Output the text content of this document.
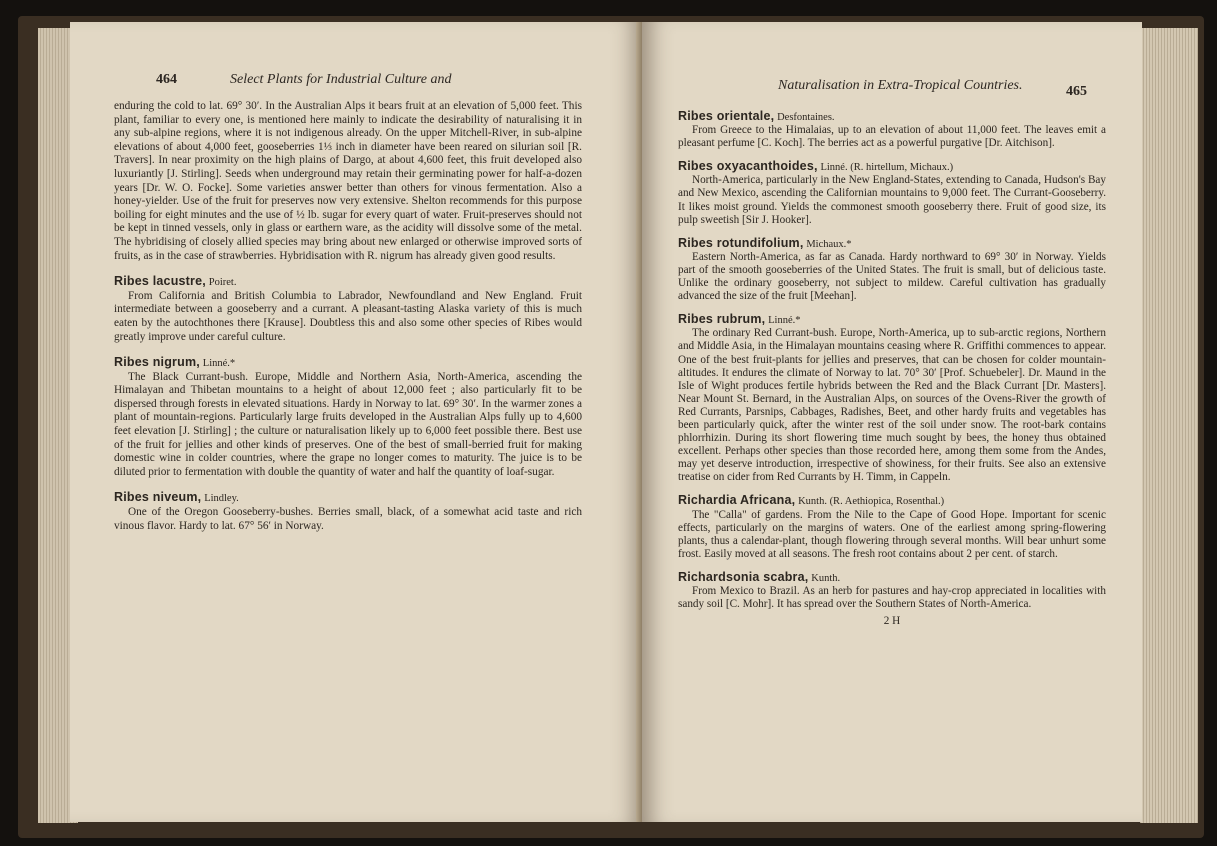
464	Select Plants for Industrial Culture and

enduring the cold to lat. 69° 30′. In the Australian Alps it bears fruit at an elevation of 5,000 feet. This plant, familiar to every one, is mentioned here mainly to indicate the desirability of naturalising it in any sub-alpine regions, where it is not indigenous already. On the upper Mitchell-River, in sub-alpine elevations of about 4,000 feet, gooseberries 1⅓ inch in diameter have been reared on silurian soil [R. Travers]. In near proximity on the high plains of Dargo, at about 4,600 feet, this fruit developed also luxuriantly [J. Stirling]. Seeds when underground may retain their germinating power for half-a-dozen years [Dr. W. O. Focke]. Some varieties answer better than others for vinous fermentation. Also a honey-yielder. Use of the fruit for preserves now very extensive. Shelton recommends for this purpose boiling for eight minutes and the use of ½ lb. sugar for every quart of water. Fruit-preserves should not be kept in tinned vessels, only in glass or earthern ware, as the acidity will dissolve some of the metal. The hybridising of closely allied species may bring about new enlarged or otherwise improved sorts of fruits, as in the case of strawberries. Hybridisation with R. nigrum has already given good results.

Ribes lacustre, Poiret.

From California and British Columbia to Labrador, Newfoundland and New England. Fruit intermediate between a gooseberry and a currant. A pleasant-tasting Alaska variety of this is much eaten by the autochthones there [Krause]. Doubtless this and also some other species of Ribes would greatly improve under careful culture.

Ribes nigrum, Linné.*

The Black Currant-bush. Europe, Middle and Northern Asia, North-America, ascending the Himalayan and Thibetan mountains to a height of about 12,000 feet ; also particularly fit to be dispersed through forests in elevated situations. Hardy in Norway to lat. 69° 30′. In the warmer zones a plant of mountain-regions. Particularly large fruits developed in the Australian Alps fully up to 4,600 feet elevation [J. Stirling] ; the culture or naturalisation likely up to 6,000 feet possible there. Best use of the fruit for jellies and other kinds of preserves. One of the best of small-berried fruit for making domestic wine in colder countries, where the grape no longer comes to maturity. The juice is to be diluted prior to fermentation with double the quantity of water and half the quantity of loaf-sugar.

Ribes niveum, Lindley.

One of the Oregon Gooseberry-bushes. Berries small, black, of a somewhat acid taste and rich vinous flavor. Hardy to lat. 67° 56′ in Norway.

Naturalisation in Extra-Tropical Countries.	465

Ribes orientale, Desfontaines.

From Greece to the Himalaias, up to an elevation of about 11,000 feet. The leaves emit a pleasant perfume [C. Koch]. The berries act as a powerful purgative [Dr. Aitchison].

Ribes oxyacanthoides, Linné. (R. hirtellum, Michaux.)

North-America, particularly in the New England-States, extending to Canada, Hudson's Bay and New Mexico, ascending the Californian mountains to 9,000 feet. The Currant-Gooseberry. It likes moist ground. Yields the commonest smooth gooseberry there. Fruit of good size, its pulp sweetish [Sir J. Hooker].

Ribes rotundifolium, Michaux.*

Eastern North-America, as far as Canada. Hardy northward to 69° 30′ in Norway. Yields part of the smooth gooseberries of the United States. The fruit is small, but of delicious taste. Unlike the ordinary gooseberry, not subject to mildew. Careful cultivation has gradually advanced the size of the fruit [Meehan].

Ribes rubrum, Linné.*

The ordinary Red Currant-bush. Europe, North-America, up to sub-arctic regions, Northern and Middle Asia, in the Himalayan mountains ceasing where R. Griffithi commences to appear. One of the best fruit-plants for jellies and preserves, that can be chosen for colder mountain-altitudes. It endures the climate of Norway to lat. 70° 30′ [Prof. Schuebeler]. Dr. Maund in the Isle of Wight produces fertile hybrids between the Red and the Black Currant [Dr. Masters]. Near Mount St. Bernard, in the Australian Alps, on sources of the Ovens-River the growth of Red Currants, Parsnips, Cabbages, Radishes, Beet, and other hardy fruits and vegetables has been particularly quick, after the winter rest of the soil under snow. The root-bark contains phlorrhizin. During its short flowering time much sought by bees, the honey thus obtained excellent. Perhaps other species than those recorded here, among them some from the Andes, may yet deserve introduction, irrespective of showiness, for their fruits. See also an extensive treatise on cider from Red Currants by H. Timm, in Cappeln.

Richardia Africana, Kunth. (R. Aethiopica, Rosenthal.)

The "Calla" of gardens. From the Nile to the Cape of Good Hope. Important for scenic effects, particularly on the margins of waters. One of the earliest among spring-flowering plants, thus a calendar-plant, though flowering through several months. Will bear unhurt some frost. Easily moved at all seasons. The fresh root contains about 2 per cent. of starch.

Richardsonia scabra, Kunth.

From Mexico to Brazil. As an herb for pastures and hay-crop appreciated in localities with sandy soil [C. Mohr]. It has spread over the Southern States of North-America.

2 H
